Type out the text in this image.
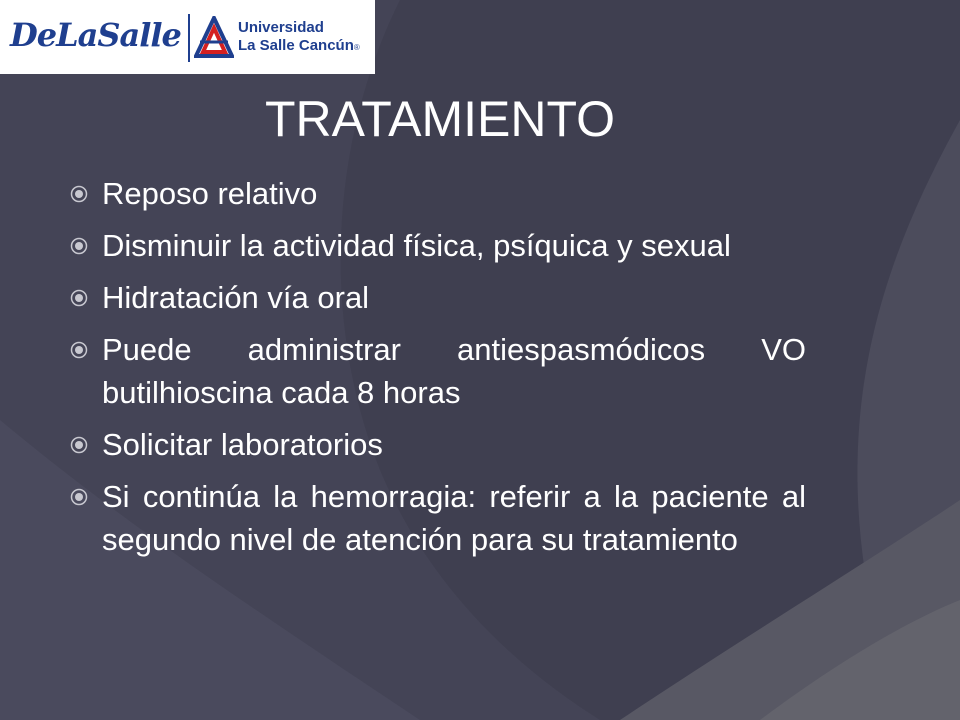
DeLaSalle	Universidad
La Salle Cancún®
TRATAMIENTO
Reposo relativo
Disminuir la actividad física, psíquica y sexual
Hidratación vía oral
Puede administrar antiespasmódicos VO butilhioscina cada 8 horas
Solicitar laboratorios
Si continúa la hemorragia: referir a la paciente al segundo nivel de atención para su tratamiento
